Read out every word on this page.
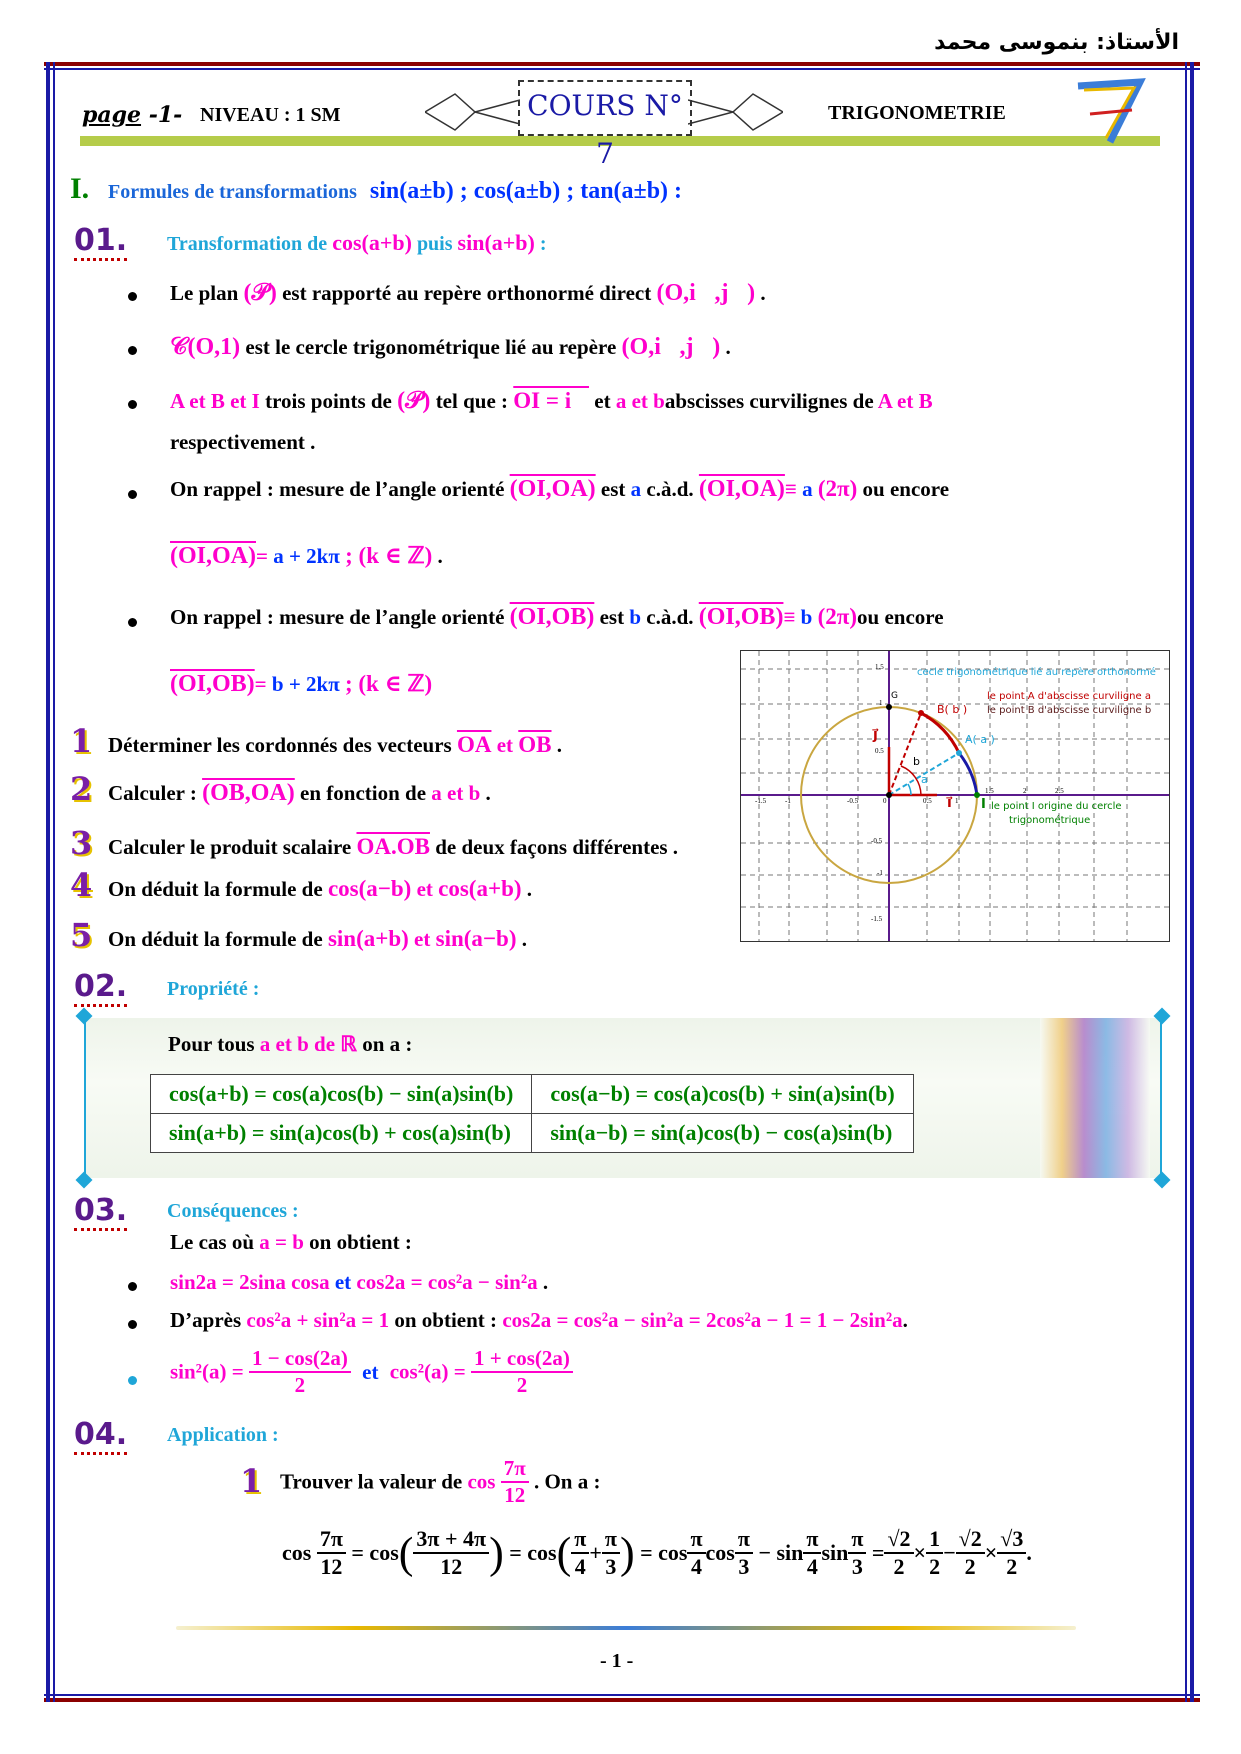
الأستاذ: بنموسى محمد
page -1- NIVEAU : 1 SM	COURS N° 7
TRIGONOMETRIE
I. Formules de transformations sin(a±b) ; cos(a±b) ; tan(a±b) :
01. Transformation de cos(a+b) puis sin(a+b) :
Le plan (𝒫) est rapporté au repère orthonormé direct (O,i⃗,j⃗) .
𝒞(O,1) est le cercle trigonométrique lié au repère (O,i⃗,j⃗) .
A et B et I trois points de (𝒫) tel que : OI = i⃗ et a et babscisses curvilignes de A et B
respectivement .
On rappel : mesure de l’angle orienté (OI,OA) est a c.à.d. (OI,OA)≡ a (2π) ou encore
(OI,OA)= a + 2kπ ; (k ∈ ℤ) .
On rappel : mesure de l’angle orienté (OI,OB) est b c.à.d. (OI,OB)≡ b (2π)ou encore
(OI,OB)= b + 2kπ ; (k ∈ ℤ)
1 Déterminer les cordonnés des vecteurs $\overline{OA}$ et $\overline{OB}$ .
2 Calculer : (OB,OA) en fonction de a et b .
3 Calculer le produit scalaire OA.OB de deux façons différentes .
4 On déduit la formule de cos(a−b) et cos(a+b) .
5 On déduit la formule de sin(a+b) et sin(a−b) .
cecle trigonométrique lié au repère orthonormé
le point A d'abscisse curviligne a
le point B d'abscisse curviligne b
le point I origine du cercle
trigonométrique
B( b )
A( a )
b
a
G
I
i⃗
j⃗
-1.5	-1	-0.5	0	0.5	1
1.5	2	2.5
1.5
1
0.5
-0.5
-1
-1.5
02. Propriété :
Pour tous a et b de ℝ on a :
cos(a+b) = cos(a)cos(b) − sin(a)sin(b)	cos(a−b) = cos(a)cos(b) + sin(a)sin(b)
sin(a+b) = sin(a)cos(b) + cos(a)sin(b)	sin(a−b) = sin(a)cos(b) − cos(a)sin(b)
03. Conséquences :
Le cas où a = b on obtient :
sin2a = 2sina cosa et cos2a = cos²a − sin²a .
D’après cos²a + sin²a = 1 on obtient : cos2a = cos²a − sin²a = 2cos²a − 1 = 1 − 2sin²a.
$\sin^2(a) = \frac{1 - \cos(2a)}{2}$ et $\cos^2(a) = \frac{1 + \cos(2a)}{2}$
04. Application :
1 Trouver la valeur de $\cos \frac{7\pi}{12}$ . On a :
$\cos \frac{7\pi}{12} = \cos( \frac{3\pi + 4\pi}{12}$ ) = $\cos( \frac{\pi}{4} + \frac{\pi}{3}$ ) = $\cos \frac{\pi}{4}$ $\cos \frac{\pi}{3} - \sin \frac{\pi}{4}$ $\sin \frac{\pi}{3} = \frac{√2}{2} \times \frac{1}{2} - \frac{√2}{2} \times \frac{√3}{2}$ .
- 1 -
